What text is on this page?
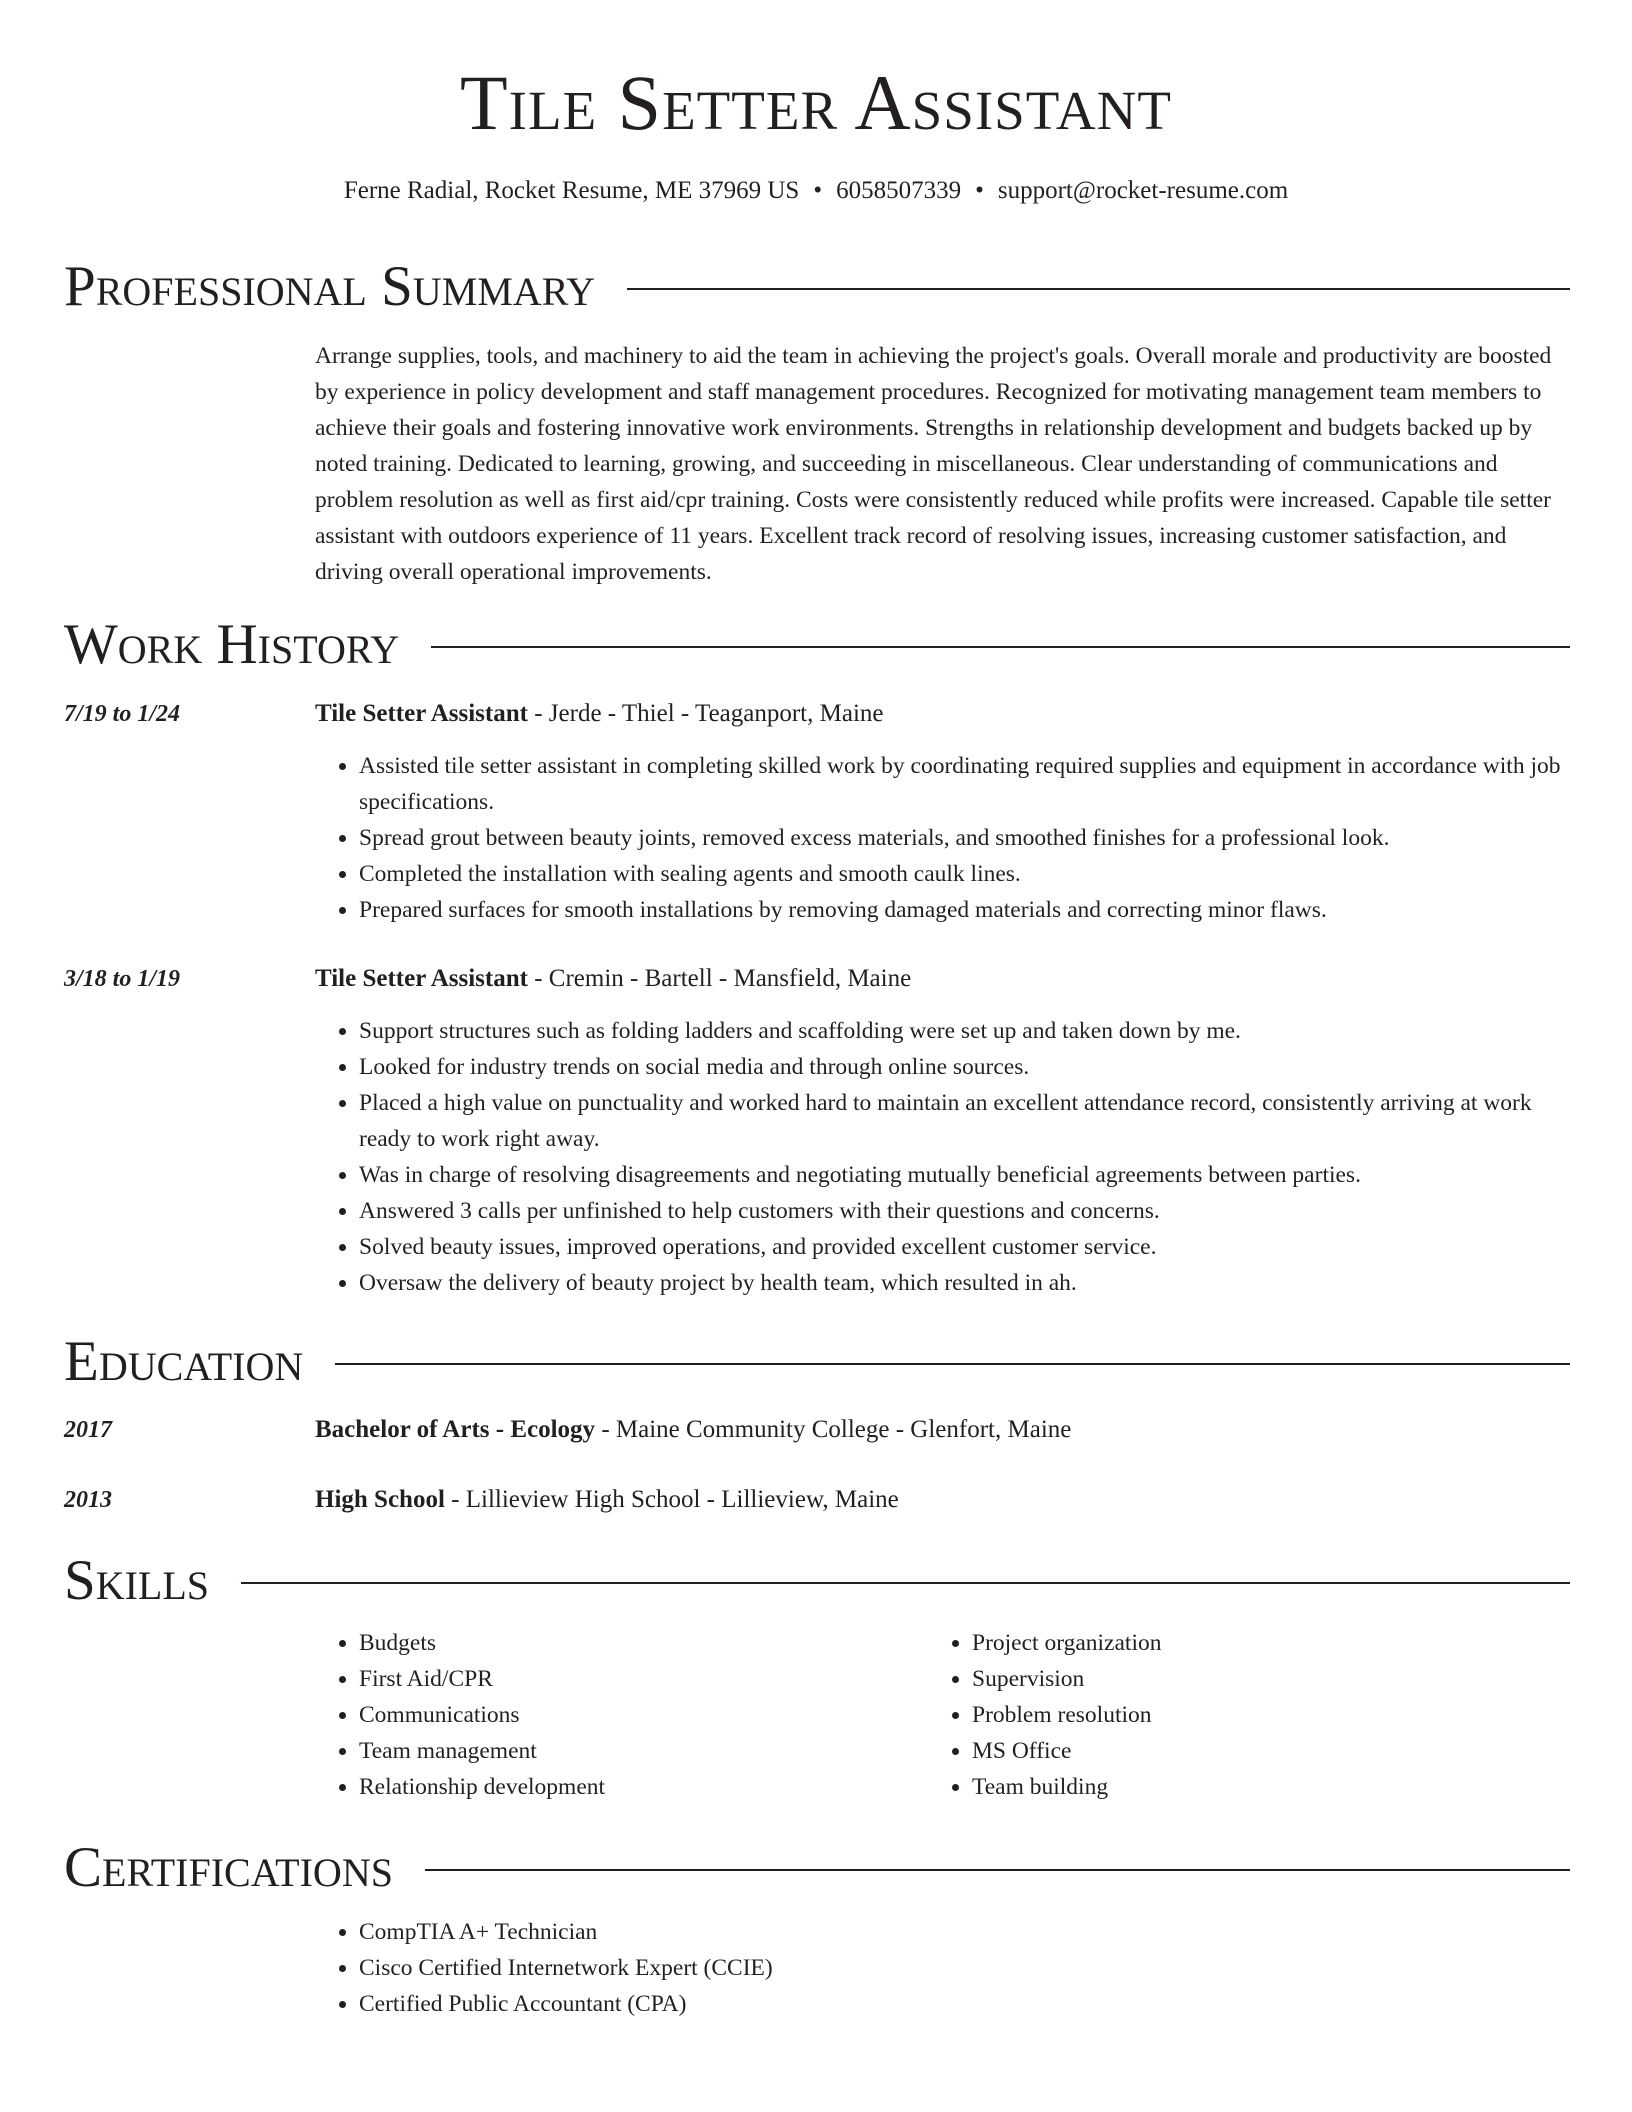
Tile Setter Assistant
Ferne Radial, Rocket Resume, ME 37969 US • 6058507339 • support@rocket-resume.com
Professional Summary
Arrange supplies, tools, and machinery to aid the team in achieving the project's goals. Overall morale and productivity are boosted by experience in policy development and staff management procedures. Recognized for motivating management team members to achieve their goals and fostering innovative work environments. Strengths in relationship development and budgets backed up by noted training. Dedicated to learning, growing, and succeeding in miscellaneous. Clear understanding of communications and problem resolution as well as first aid/cpr training. Costs were consistently reduced while profits were increased. Capable tile setter assistant with outdoors experience of 11 years. Excellent track record of resolving issues, increasing customer satisfaction, and driving overall operational improvements.
Work History
7/19 to 1/24	Tile Setter Assistant - Jerde - Thiel - Teaganport, Maine
• Assisted tile setter assistant in completing skilled work by coordinating required supplies and equipment in accordance with job specifications.
• Spread grout between beauty joints, removed excess materials, and smoothed finishes for a professional look.
• Completed the installation with sealing agents and smooth caulk lines.
• Prepared surfaces for smooth installations by removing damaged materials and correcting minor flaws.
3/18 to 1/19	Tile Setter Assistant - Cremin - Bartell - Mansfield, Maine
• Support structures such as folding ladders and scaffolding were set up and taken down by me.
• Looked for industry trends on social media and through online sources.
• Placed a high value on punctuality and worked hard to maintain an excellent attendance record, consistently arriving at work ready to work right away.
• Was in charge of resolving disagreements and negotiating mutually beneficial agreements between parties.
• Answered 3 calls per unfinished to help customers with their questions and concerns.
• Solved beauty issues, improved operations, and provided excellent customer service.
• Oversaw the delivery of beauty project by health team, which resulted in ah.
Education
2017	Bachelor of Arts - Ecology - Maine Community College - Glenfort, Maine
2013	High School - Lillieview High School - Lillieview, Maine
Skills
• Budgets
• First Aid/CPR
• Communications
• Team management
• Relationship development
• Project organization
• Supervision
• Problem resolution
• MS Office
• Team building
Certifications
• CompTIA A+ Technician
• Cisco Certified Internetwork Expert (CCIE)
• Certified Public Accountant (CPA)
